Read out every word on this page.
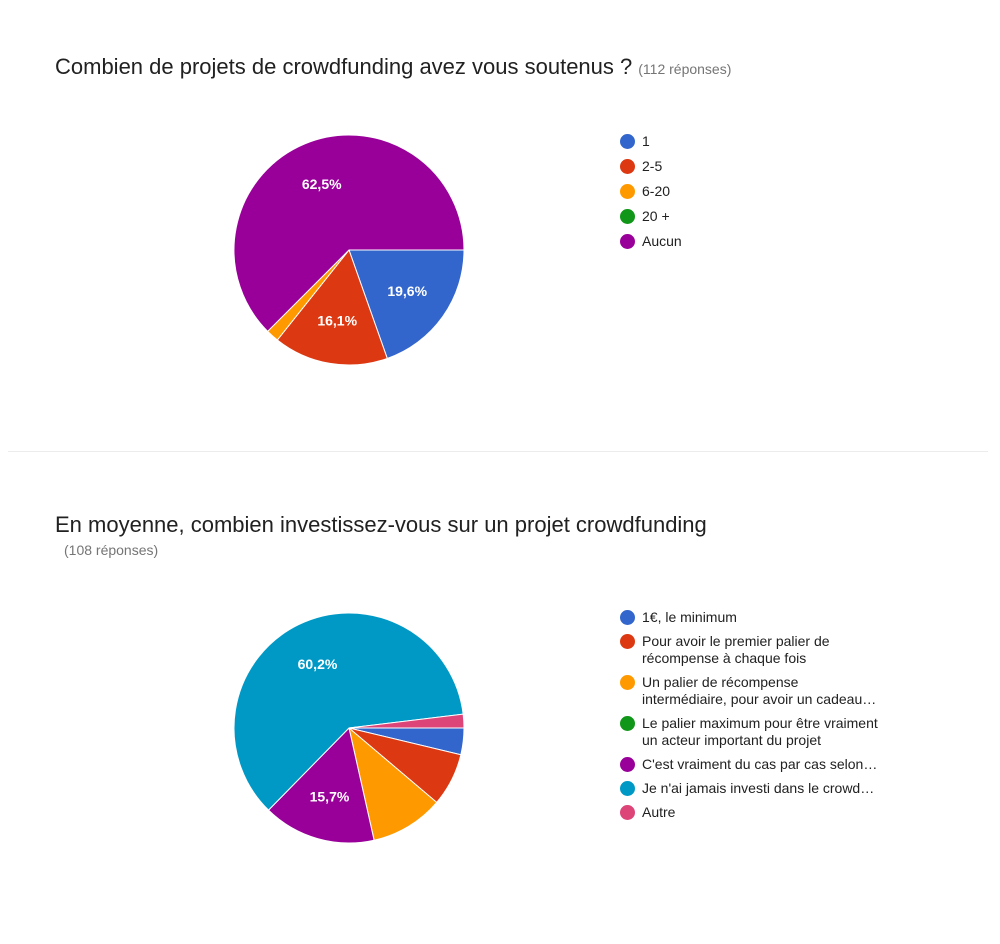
Combien de projets de crowdfunding avez vous soutenus ? (112 réponses)
19,6%
16,1%
62,5%
1
2-5
6-20
20 +
Aucun
En moyenne, combien investissez-vous sur un projet crowdfunding
(108 réponses)
15,7%
60,2%
1€, le minimum
Pour avoir le premier palier de
récompense à chaque fois
Un palier de récompense
intermédiaire, pour avoir un cadeau…
Le palier maximum pour être vraiment
un acteur important du projet
C'est vraiment du cas par cas selon…
Je n'ai jamais investi dans le crowd…
Autre
